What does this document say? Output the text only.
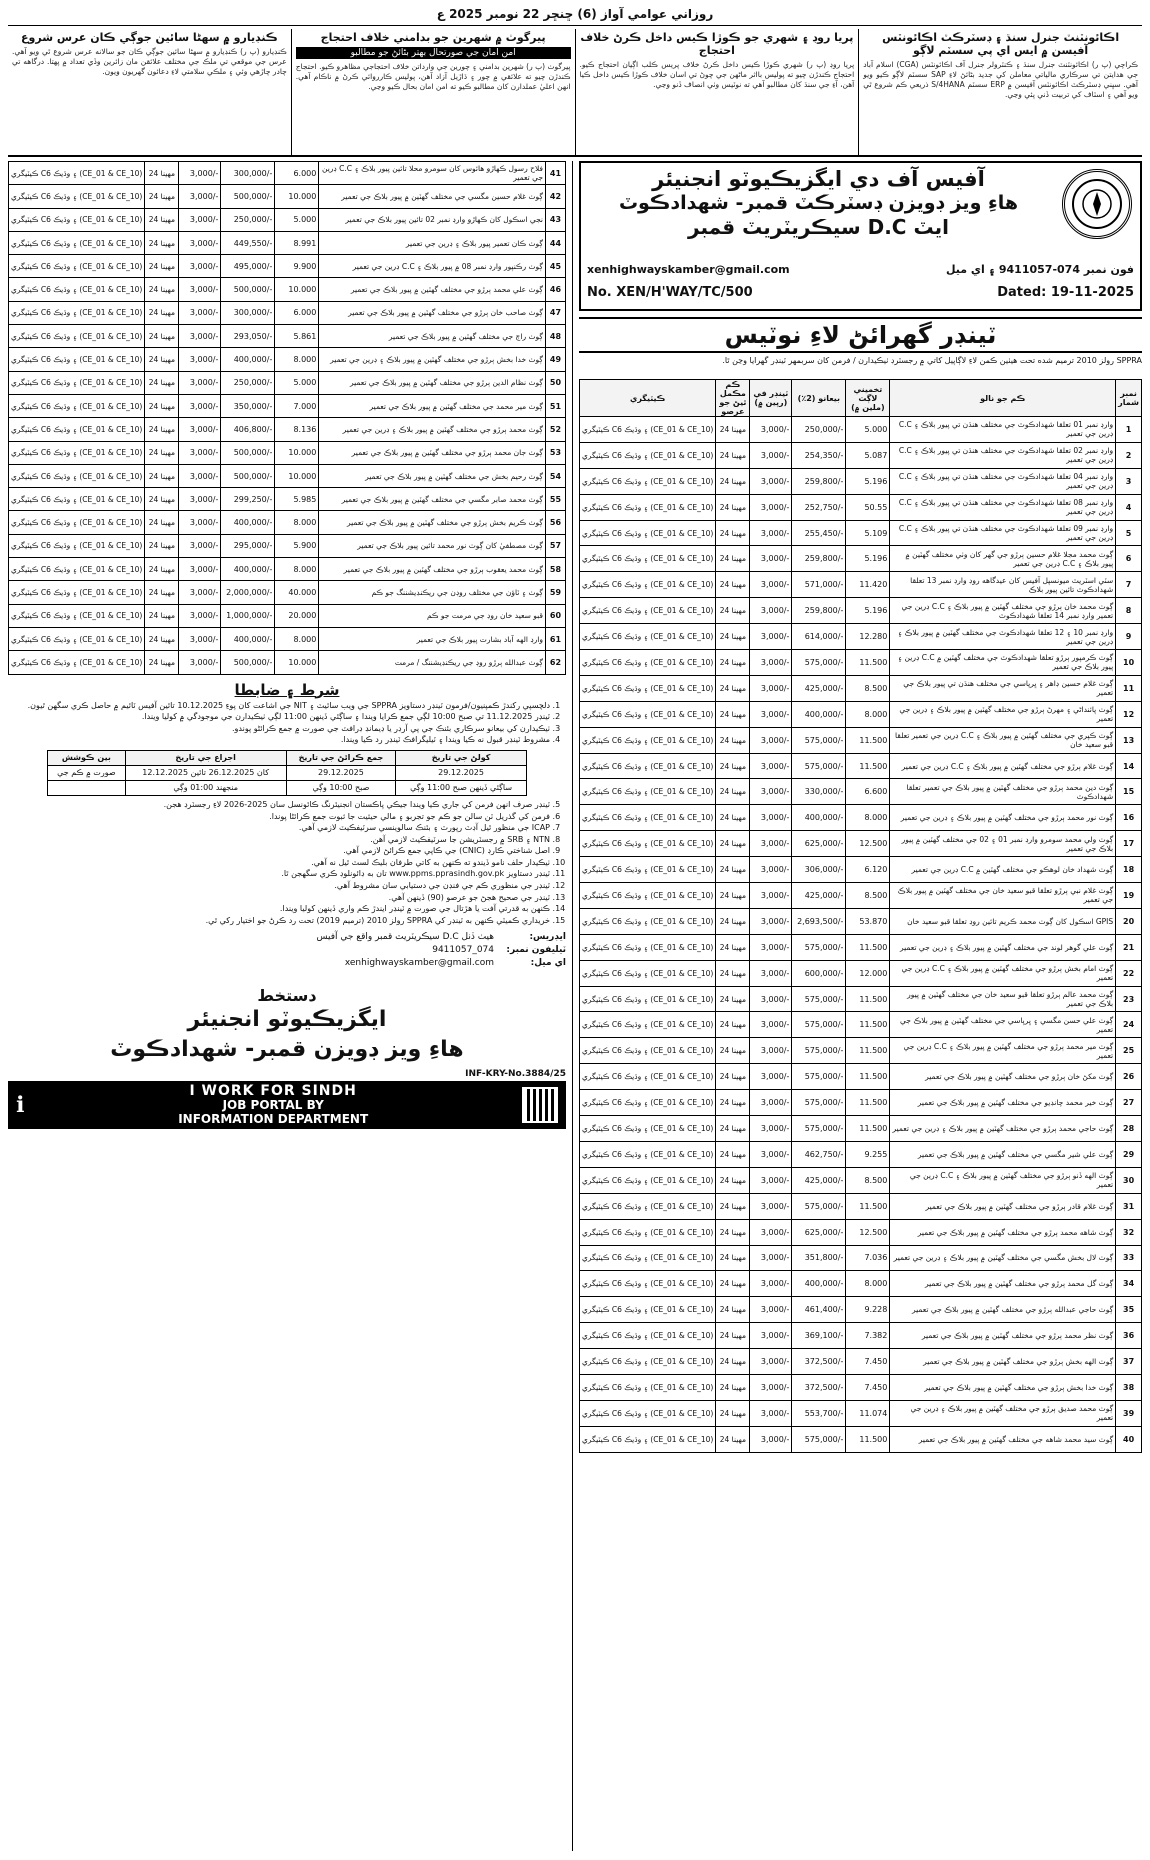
روزاني عوامي آواز (6) ڇنڇر 22 نومبر 2025 ع
اڪائونٽنٽ جنرل سنڌ ۽ ڊسٽرڪٽ اڪائونٽس آفيسن ۾ ايس اي پي سسٽم لاڳو
ڪراچي (پ ر) اڪائونٽنٽ جنرل سنڌ ۽ ڪنٽرولر جنرل آف اڪائونٽس (CGA) اسلام آباد جي هدايتن تي سرڪاري مالياتي معاملن کي جديد بڻائڻ لاءِ SAP سسٽم لاڳو ڪيو ويو آهي. سڀني ڊسٽرڪٽ اڪائونٽس آفيسن ۾ ERP سسٽم S/4HANA ذريعي ڪم شروع ٿي ويو آهي ۽ اسٽاف کي تربيت ڏني پئي وڃي.
پريا روڊ ۽ شهري جو ڪوڙا ڪيس داخل ڪرڻ خلاف احتجاج
پريا روڊ (پ ر) شهري ڪوڙا ڪيس داخل ڪرڻ خلاف پريس ڪلب اڳيان احتجاج ڪيو. احتجاج ڪندڙن چيو ته پوليس بااثر ماڻهن جي چوڻ تي اسان خلاف ڪوڙا ڪيس داخل ڪيا آهن، آءِ جي سنڌ کان مطالبو آهي ته نوٽيس وٺي انصاف ڏنو وڃي.
پيرگوٺ ۾ شهرين جو بدامني خلاف احتجاج
امن امان جي صورتحال بهتر بڻائڻ جو مطالبو
پيرگوٺ (پ ر) شهرين بدامني ۽ چورين جي وارداتن خلاف احتجاجي مظاهرو ڪيو. احتجاج ڪندڙن چيو ته علائقي ۾ چور ۽ ڌاڙيل آزاد آهن، پوليس ڪارروائي ڪرڻ ۾ ناڪام آهي. انهن اعليٰ عملدارن کان مطالبو ڪيو ته امن امان بحال ڪيو وڃي.
ڪنڊيارو ۾ سهڻا سائين جوڳي ڪان عرس شروع
ڪنڊيارو (پ ر) ڪنڊيارو ۾ سهڻا سائين جوڳي ڪان جو سالانه عرس شروع ٿي ويو آهي. عرس جي موقعي تي ملڪ جي مختلف علائقن مان زائرين وڏي تعداد ۾ پهتا. درگاهه تي چادر چاڙهي وئي ۽ ملڪي سلامتي لاءِ دعائون گهريون ويون.
ڪيٽيگري C6 ۽ وڌيڪ (CE_01 & CE_10)	24 مهينا	3,000/-	300,000/-	6.000	فلاح رسول ڪهاڙو هائوس کان سومرو محلا تائين پيور بلاڪ ۽ C.C ڊرين جي تعمير	41
ڪيٽيگري C6 ۽ وڌيڪ (CE_01 & CE_10)	24 مهينا	3,000/-	500,000/-	10.000	ڳوٺ غلام حسين مگسي جي مختلف گهٽين ۾ پيور بلاڪ جي تعمير	42
ڪيٽيگري C6 ۽ وڌيڪ (CE_01 & CE_10)	24 مهينا	3,000/-	250,000/-	5.000	نجي اسڪول کان ڪهاڙو وارڊ نمبر 02 تائين پيور بلاڪ جي تعمير	43
ڪيٽيگري C6 ۽ وڌيڪ (CE_01 & CE_10)	24 مهينا	3,000/-	449,550/-	8.991	ڳوٺ ڪان تعمير پيور بلاڪ ۽ ڊرين جي تعمير	44
ڪيٽيگري C6 ۽ وڌيڪ (CE_01 & CE_10)	24 مهينا	3,000/-	495,000/-	9.900	ڳوٺ رڪنپور وارڊ نمبر 08 ۾ پيور بلاڪ ۽ C.C ڊرين جي تعمير	45
ڪيٽيگري C6 ۽ وڌيڪ (CE_01 & CE_10)	24 مهينا	3,000/-	500,000/-	10.000	ڳوٺ علي محمد ٻرڙو جي مختلف گهٽين ۾ پيور بلاڪ جي تعمير	46
ڪيٽيگري C6 ۽ وڌيڪ (CE_01 & CE_10)	24 مهينا	3,000/-	300,000/-	6.000	ڳوٺ صاحب خان ٻرڙو جي مختلف گهٽين ۾ پيور بلاڪ جي تعمير	47
ڪيٽيگري C6 ۽ وڌيڪ (CE_01 & CE_10)	24 مهينا	3,000/-	293,050/-	5.861	ڳوٺ راڄ جي مختلف گهٽين ۾ پيور بلاڪ جي تعمير	48
ڪيٽيگري C6 ۽ وڌيڪ (CE_01 & CE_10)	24 مهينا	3,000/-	400,000/-	8.000	ڳوٺ خدا بخش ٻرڙو جي مختلف گهٽين ۾ پيور بلاڪ ۽ ڊرين جي تعمير	49
ڪيٽيگري C6 ۽ وڌيڪ (CE_01 & CE_10)	24 مهينا	3,000/-	250,000/-	5.000	ڳوٺ نظام الدين ٻرڙو جي مختلف گهٽين ۾ پيور بلاڪ جي تعمير	50
ڪيٽيگري C6 ۽ وڌيڪ (CE_01 & CE_10)	24 مهينا	3,000/-	350,000/-	7.000	ڳوٺ مير محمد جي مختلف گهٽين ۾ پيور بلاڪ جي تعمير	51
ڪيٽيگري C6 ۽ وڌيڪ (CE_01 & CE_10)	24 مهينا	3,000/-	406,800/-	8.136	ڳوٺ محمد ٻرڙو جي مختلف گهٽين ۾ پيور بلاڪ ۽ ڊرين جي تعمير	52
ڪيٽيگري C6 ۽ وڌيڪ (CE_01 & CE_10)	24 مهينا	3,000/-	500,000/-	10.000	ڳوٺ جان محمد ٻرڙو جي مختلف گهٽين ۾ پيور بلاڪ جي تعمير	53
ڪيٽيگري C6 ۽ وڌيڪ (CE_01 & CE_10)	24 مهينا	3,000/-	500,000/-	10.000	ڳوٺ رحيم بخش جي مختلف گهٽين ۾ پيور بلاڪ جي تعمير	54
ڪيٽيگري C6 ۽ وڌيڪ (CE_01 & CE_10)	24 مهينا	3,000/-	299,250/-	5.985	ڳوٺ محمد صابر مگسي جي مختلف گهٽين ۾ پيور بلاڪ جي تعمير	55
ڪيٽيگري C6 ۽ وڌيڪ (CE_01 & CE_10)	24 مهينا	3,000/-	400,000/-	8.000	ڳوٺ ڪريم بخش ٻرڙو جي مختلف گهٽين ۾ پيور بلاڪ جي تعمير	56
ڪيٽيگري C6 ۽ وڌيڪ (CE_01 & CE_10)	24 مهينا	3,000/-	295,000/-	5.900	ڳوٺ مصطفيٰ کان ڳوٺ نور محمد تائين پيور بلاڪ جي تعمير	57
ڪيٽيگري C6 ۽ وڌيڪ (CE_01 & CE_10)	24 مهينا	3,000/-	400,000/-	8.000	ڳوٺ محمد يعقوب ٻرڙو جي مختلف گهٽين ۾ پيور بلاڪ جي تعمير	58
ڪيٽيگري C6 ۽ وڌيڪ (CE_01 & CE_10)	24 مهينا	3,000/-	2,000,000/-	40.000	ڳوٺ ۽ ٽاؤن جي مختلف روڊن جي ريڪنڊيشننگ جو ڪم	59
ڪيٽيگري C6 ۽ وڌيڪ (CE_01 & CE_10)	24 مهينا	3,000/-	1,000,000/-	20.000	قبو سعيد خان روڊ جي مرمت جو ڪم	60
ڪيٽيگري C6 ۽ وڌيڪ (CE_01 & CE_10)	24 مهينا	3,000/-	400,000/-	8.000	وارڊ الهه آباد بشارت پيور بلاڪ جي تعمير	61
ڪيٽيگري C6 ۽ وڌيڪ (CE_01 & CE_10)	24 مهينا	3,000/-	500,000/-	10.000	ڳوٺ عبدالله ٻرڙو روڊ جي ريڪنڊيشننگ / مرمت	62
شرط ۽ ضابطا
1. دلچسپي رکندڙ ڪمپنيون/فرمون ٽينڊر دستاويز SPPRA جي ويب سائيٽ ۽ NIT جي اشاعت کان پوءِ 10.12.2025 تائين آفيس ٽائيم ۾ حاصل ڪري سگهن ٿيون.
2. ٽينڊر 11.12.2025 تي صبح 10:00 لڳي جمع ڪرايا ويندا ۽ ساڳئي ڏينهن 11:00 لڳي ٺيڪيدارن جي موجودگي ۾ کوليا ويندا.
3. ٺيڪيدارن کي بيعانو سرڪاري بئنڪ جي پي آرڊر يا ڊيمانڊ ڊرافٽ جي صورت ۾ جمع ڪرائڻو پوندو.
4. مشروط ٽينڊر قبول نه ڪيا ويندا ۽ ٽيليگرافڪ ٽينڊر رد ڪيا ويندا.
بين ڪوشش	اجراع جي تاريخ	جمع ڪرائڻ جي تاريخ	کولڻ جي تاريخ
صورت ۾ ڪم جي	12.12.2025 کان 26.12.2025 تائين	29.12.2025	29.12.2025
	منجهند 01:00 وڳي	صبح 10:00 وڳي	ساڳئي ڏينهن صبح 11:00 وڳي
5. ٽينڊر صرف انهن فرمن کي جاري ڪيا ويندا جيڪي پاڪستان انجنيئرنگ ڪائونسل سان 2025-2026 لاءِ رجسٽرڊ هجن.
6. فرمن کي گذريل ٽن سالن جو ڪم جو تجربو ۽ مالي حيثيت جا ثبوت جمع ڪرائڻا پوندا.
7. ICAP جي منظور ٿيل آڊٽ رپورٽ ۽ بئنڪ سالوينسي سرٽيفڪيٽ لازمي آهي.
8. NTN ۽ SRB ۾ رجسٽريشن جا سرٽيفڪيٽ لازمي آهن.
9. اصل شناختي ڪارڊ (CNIC) جي ڪاپي جمع ڪرائڻ لازمي آهي.
10. ٺيڪيدار حلف نامو ڏيندو ته ڪنهن به کاتي طرفان بليڪ لسٽ ٿيل نه آهي.
11. ٽينڊر دستاويز www.ppms.pprasindh.gov.pk تان به ڊائونلوڊ ڪري سگهجن ٿا.
12. ٽينڊر جي منظوري ڪم جي فنڊن جي دستيابي سان مشروط آهي.
13. ٽينڊر جي صحيح هجڻ جو عرصو (90) ڏينهن آهي.
14. ڪنهن به قدرتي آفت يا هڙتال جي صورت ۾ ٽينڊر ايندڙ ڪم واري ڏينهن کوليا ويندا.
15. خريداري ڪميٽي ڪنهن به ٽينڊر کي SPPRA رولز 2010 (ترميم 2019) تحت رد ڪرڻ جو اختيار رکي ٿي.
ايڊريس:
هيٺ ڏنل D.C سيڪريٽريٽ قمبر واقع جي آفيس
ٽيليفون نمبر:
074_9411057
اي ميل:
xenhighwayskamber@gmail.com
دستخط
ايگزيڪيوٽو انجنيئر
هاءِ ويز ڊويزن قمبر- شهدادڪوٽ
INF-KRY-No.3884/25
ℹ
I WORK FOR SINDH
JOB PORTAL BY
INFORMATION DEPARTMENT
آفيس آف دي ايگزيڪيوٽو انجنيئر
هاءِ ويز ڊويزن ڊسٽرڪٽ قمبر- شهدادڪوٽ
ايٽ D.C سيڪريٽريٽ قمبر
xenhighwayskamber@gmail.com	فون نمبر 074-9411057 ۽ اي ميل
No. XEN/H'WAY/TC/500	Dated: 19-11-2025
ٽينڊر گهرائڻ لاءِ نوٽيس
SPPRA رولز 2010 ترميم شده تحت هيٺين ڪمن لاءِ لاڳاپيل کاتي ۾ رجسٽرڊ ٺيڪيدارن / فرمن کان سربمهر ٽينڊر گهرايا وڃن ٿا.
ڪيٽيگري	ڪم مڪمل ٿيڻ جو عرصو	ٽينڊر في (رپين ۾)	بيعانو (2٪)	تخميني لاڳت (ملين ۾)	ڪم جو نالو	نمبر شمار
ڪيٽيگري C6 ۽ وڌيڪ (CE_01 & CE_10)	24 مهينا	3,000/-	250,000/-	5.000	وارڊ نمبر 01 تعلقا شهدادڪوٽ جي مختلف هنڌن تي پيور بلاڪ ۽ C.C ڊرين جي تعمير	1
ڪيٽيگري C6 ۽ وڌيڪ (CE_01 & CE_10)	24 مهينا	3,000/-	254,350/-	5.087	وارڊ نمبر 02 تعلقا شهدادڪوٽ جي مختلف هنڌن تي پيور بلاڪ ۽ C.C ڊرين جي تعمير	2
ڪيٽيگري C6 ۽ وڌيڪ (CE_01 & CE_10)	24 مهينا	3,000/-	259,800/-	5.196	وارڊ نمبر 04 تعلقا شهدادڪوٽ جي مختلف هنڌن تي پيور بلاڪ ۽ C.C ڊرين جي تعمير	3
ڪيٽيگري C6 ۽ وڌيڪ (CE_01 & CE_10)	24 مهينا	3,000/-	252,750/-	50.55	وارڊ نمبر 08 تعلقا شهدادڪوٽ جي مختلف هنڌن تي پيور بلاڪ ۽ C.C ڊرين جي تعمير	4
ڪيٽيگري C6 ۽ وڌيڪ (CE_01 & CE_10)	24 مهينا	3,000/-	255,450/-	5.109	وارڊ نمبر 09 تعلقا شهدادڪوٽ جي مختلف هنڌن تي پيور بلاڪ ۽ C.C ڊرين جي تعمير	5
ڪيٽيگري C6 ۽ وڌيڪ (CE_01 & CE_10)	24 مهينا	3,000/-	259,800/-	5.196	ڳوٺ محمد مجلا غلام حسين ٻرڙو جي گهر کان وٺي مختلف گهٽين ۾ پيور بلاڪ ۽ C.C ڊرين جي تعمير	6
ڪيٽيگري C6 ۽ وڌيڪ (CE_01 & CE_10)	24 مهينا	3,000/-	571,000/-	11.420	سٽي اسٽريٽ ميونسپل آفيس کان عيدگاهه روڊ وارڊ نمبر 13 تعلقا شهدادڪوٽ تائين پيور بلاڪ	7
ڪيٽيگري C6 ۽ وڌيڪ (CE_01 & CE_10)	24 مهينا	3,000/-	259,800/-	5.196	ڳوٺ محمد خان ٻرڙو جي مختلف گهٽين ۾ پيور بلاڪ ۽ C.C ڊرين جي تعمير وارڊ نمبر 14 تعلقا شهدادڪوٽ	8
ڪيٽيگري C6 ۽ وڌيڪ (CE_01 & CE_10)	24 مهينا	3,000/-	614,000/-	12.280	وارڊ نمبر 10 ۽ 12 تعلقا شهدادڪوٽ جي مختلف گهٽين ۾ پيور بلاڪ ۽ ڊرين جي تعمير	9
ڪيٽيگري C6 ۽ وڌيڪ (CE_01 & CE_10)	24 مهينا	3,000/-	575,000/-	11.500	ڳوٺ ڪرمپور ٻرڙو تعلقا شهدادڪوٽ جي مختلف گهٽين ۾ C.C ڊرين ۽ پيور بلاڪ جي تعمير	10
ڪيٽيگري C6 ۽ وڌيڪ (CE_01 & CE_10)	24 مهينا	3,000/-	425,000/-	8.500	ڳوٺ غلام حسين ڊاهر ۽ ڀرپاسي جي مختلف هنڌن تي پيور بلاڪ جي تعمير	11
ڪيٽيگري C6 ۽ وڌيڪ (CE_01 & CE_10)	24 مهينا	3,000/-	400,000/-	8.000	ڳوٺ پائنداڻي ۽ مهرڻ ٻرڙو جي مختلف گهٽين ۾ پيور بلاڪ ۽ ڊرين جي تعمير	12
ڪيٽيگري C6 ۽ وڌيڪ (CE_01 & CE_10)	24 مهينا	3,000/-	575,000/-	11.500	ڳوٺ ڪپري جي مختلف گهٽين ۾ پيور بلاڪ ۽ C.C ڊرين جي تعمير تعلقا قبو سعيد خان	13
ڪيٽيگري C6 ۽ وڌيڪ (CE_01 & CE_10)	24 مهينا	3,000/-	575,000/-	11.500	ڳوٺ غلام ٻرڙو جي مختلف گهٽين ۾ پيور بلاڪ ۽ C.C ڊرين جي تعمير	14
ڪيٽيگري C6 ۽ وڌيڪ (CE_01 & CE_10)	24 مهينا	3,000/-	330,000/-	6.600	ڳوٺ دين محمد ٻرڙو جي مختلف گهٽين ۾ پيور بلاڪ جي تعمير تعلقا شهدادڪوٽ	15
ڪيٽيگري C6 ۽ وڌيڪ (CE_01 & CE_10)	24 مهينا	3,000/-	400,000/-	8.000	ڳوٺ نور محمد ٻرڙو جي مختلف گهٽين ۾ پيور بلاڪ ۽ ڊرين جي تعمير	16
ڪيٽيگري C6 ۽ وڌيڪ (CE_01 & CE_10)	24 مهينا	3,000/-	625,000/-	12.500	ڳوٺ ولي محمد سومرو وارڊ نمبر 01 ۽ 02 جي مختلف گهٽين ۾ پيور بلاڪ جي تعمير	17
ڪيٽيگري C6 ۽ وڌيڪ (CE_01 & CE_10)	24 مهينا	3,000/-	306,000/-	6.120	ڳوٺ شهداد خان لوهڪو جي مختلف گهٽين ۾ C.C ڊرين جي تعمير	18
ڪيٽيگري C6 ۽ وڌيڪ (CE_01 & CE_10)	24 مهينا	3,000/-	425,000/-	8.500	ڳوٺ غلام نبي ٻرڙو تعلقا قبو سعيد خان جي مختلف گهٽين ۾ پيور بلاڪ جي تعمير	19
ڪيٽيگري C6 ۽ وڌيڪ (CE_01 & CE_10)	24 مهينا	3,000/-	2,693,500/-	53.870	GPIS اسڪول کان ڳوٺ محمد ڪريم تائين روڊ تعلقا قبو سعيد خان	20
ڪيٽيگري C6 ۽ وڌيڪ (CE_01 & CE_10)	24 مهينا	3,000/-	575,000/-	11.500	ڳوٺ علي گوهر لوند جي مختلف گهٽين ۾ پيور بلاڪ ۽ ڊرين جي تعمير	21
ڪيٽيگري C6 ۽ وڌيڪ (CE_01 & CE_10)	24 مهينا	3,000/-	600,000/-	12.000	ڳوٺ امام بخش ٻرڙو جي مختلف گهٽين ۾ پيور بلاڪ ۽ C.C ڊرين جي تعمير	22
ڪيٽيگري C6 ۽ وڌيڪ (CE_01 & CE_10)	24 مهينا	3,000/-	575,000/-	11.500	ڳوٺ محمد عالم ٻرڙو تعلقا قبو سعيد خان جي مختلف گهٽين ۾ پيور بلاڪ جي تعمير	23
ڪيٽيگري C6 ۽ وڌيڪ (CE_01 & CE_10)	24 مهينا	3,000/-	575,000/-	11.500	ڳوٺ علي حسن مگسي ۽ ڀرپاسي جي مختلف گهٽين ۾ پيور بلاڪ جي تعمير	24
ڪيٽيگري C6 ۽ وڌيڪ (CE_01 & CE_10)	24 مهينا	3,000/-	575,000/-	11.500	ڳوٺ مير محمد ٻرڙو جي مختلف گهٽين ۾ پيور بلاڪ ۽ C.C ڊرين جي تعمير	25
ڪيٽيگري C6 ۽ وڌيڪ (CE_01 & CE_10)	24 مهينا	3,000/-	575,000/-	11.500	ڳوٺ مکڻ خان ٻرڙو جي مختلف گهٽين ۾ پيور بلاڪ جي تعمير	26
ڪيٽيگري C6 ۽ وڌيڪ (CE_01 & CE_10)	24 مهينا	3,000/-	575,000/-	11.500	ڳوٺ خير محمد چانڊيو جي مختلف گهٽين ۾ پيور بلاڪ جي تعمير	27
ڪيٽيگري C6 ۽ وڌيڪ (CE_01 & CE_10)	24 مهينا	3,000/-	575,000/-	11.500	ڳوٺ حاجي محمد ٻرڙو جي مختلف گهٽين ۾ پيور بلاڪ ۽ ڊرين جي تعمير	28
ڪيٽيگري C6 ۽ وڌيڪ (CE_01 & CE_10)	24 مهينا	3,000/-	462,750/-	9.255	ڳوٺ علي شير مگسي جي مختلف گهٽين ۾ پيور بلاڪ جي تعمير	29
ڪيٽيگري C6 ۽ وڌيڪ (CE_01 & CE_10)	24 مهينا	3,000/-	425,000/-	8.500	ڳوٺ الهه ڏنو ٻرڙو جي مختلف گهٽين ۾ پيور بلاڪ ۽ C.C ڊرين جي تعمير	30
ڪيٽيگري C6 ۽ وڌيڪ (CE_01 & CE_10)	24 مهينا	3,000/-	575,000/-	11.500	ڳوٺ غلام قادر ٻرڙو جي مختلف گهٽين ۾ پيور بلاڪ جي تعمير	31
ڪيٽيگري C6 ۽ وڌيڪ (CE_01 & CE_10)	24 مهينا	3,000/-	625,000/-	12.500	ڳوٺ شاهه محمد ٻرڙو جي مختلف گهٽين ۾ پيور بلاڪ جي تعمير	32
ڪيٽيگري C6 ۽ وڌيڪ (CE_01 & CE_10)	24 مهينا	3,000/-	351,800/-	7.036	ڳوٺ لال بخش مگسي جي مختلف گهٽين ۾ پيور بلاڪ ۽ ڊرين جي تعمير	33
ڪيٽيگري C6 ۽ وڌيڪ (CE_01 & CE_10)	24 مهينا	3,000/-	400,000/-	8.000	ڳوٺ گل محمد ٻرڙو جي مختلف گهٽين ۾ پيور بلاڪ جي تعمير	34
ڪيٽيگري C6 ۽ وڌيڪ (CE_01 & CE_10)	24 مهينا	3,000/-	461,400/-	9.228	ڳوٺ حاجي عبدالله ٻرڙو جي مختلف گهٽين ۾ پيور بلاڪ جي تعمير	35
ڪيٽيگري C6 ۽ وڌيڪ (CE_01 & CE_10)	24 مهينا	3,000/-	369,100/-	7.382	ڳوٺ نظر محمد ٻرڙو جي مختلف گهٽين ۾ پيور بلاڪ جي تعمير	36
ڪيٽيگري C6 ۽ وڌيڪ (CE_01 & CE_10)	24 مهينا	3,000/-	372,500/-	7.450	ڳوٺ الهه بخش ٻرڙو جي مختلف گهٽين ۾ پيور بلاڪ جي تعمير	37
ڪيٽيگري C6 ۽ وڌيڪ (CE_01 & CE_10)	24 مهينا	3,000/-	372,500/-	7.450	ڳوٺ خدا بخش ٻرڙو جي مختلف گهٽين ۾ پيور بلاڪ جي تعمير	38
ڪيٽيگري C6 ۽ وڌيڪ (CE_01 & CE_10)	24 مهينا	3,000/-	553,700/-	11.074	ڳوٺ محمد صديق ٻرڙو جي مختلف گهٽين ۾ پيور بلاڪ ۽ ڊرين جي تعمير	39
ڪيٽيگري C6 ۽ وڌيڪ (CE_01 & CE_10)	24 مهينا	3,000/-	575,000/-	11.500	ڳوٺ سيد محمد شاهه جي مختلف گهٽين ۾ پيور بلاڪ جي تعمير	40
